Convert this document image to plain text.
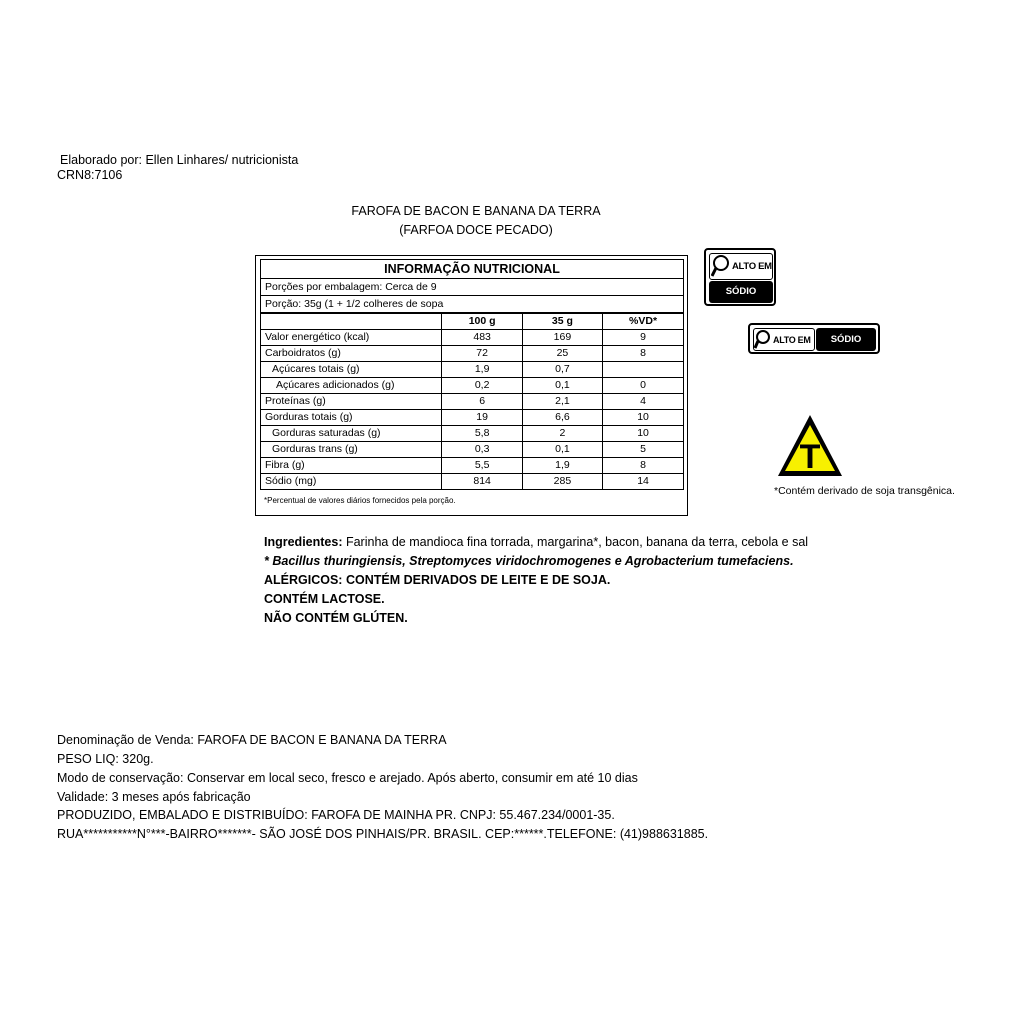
Elaborado por: Ellen Linhares/ nutricionista
CRN8:7106
FAROFA DE BACON E BANANA DA TERRA
(FARFOA DOCE PECADO)
INFORMAÇÃO NUTRICIONAL
Porções por embalagem: Cerca de 9
Porção: 35g (1 + 1/2 colheres de sopa
	100 g	35 g	%VD*
Valor energético (kcal)	483	169	9
Carboidratos (g)	72	25	8
Açúcares totais (g)	1,9	0,7	
Açúcares adicionados (g)	0,2	0,1	0
Proteínas (g)	6	2,1	4
Gorduras totais (g)	19	6,6	10
Gorduras saturadas (g)	5,8	2	10
Gorduras trans (g)	0,3	0,1	5
Fibra (g)	5,5	1,9	8
Sódio (mg)	814	285	14
*Percentual de valores diários fornecidos pela porção.
ALTO EM
SÓDIO
ALTO EM	SÓDIO
T
*Contém derivado de soja transgênica.
Ingredientes: Farinha de mandioca fina torrada, margarina*, bacon, banana da terra, cebola e sal
* Bacillus thuringiensis, Streptomyces viridochromogenes e Agrobacterium tumefaciens.
ALÉRGICOS: CONTÉM DERIVADOS DE LEITE E DE SOJA.
CONTÉM LACTOSE.
NÃO CONTÉM GLÚTEN.
Denominação de Venda: FAROFA DE BACON E BANANA DA TERRA
PESO LIQ: 320g.
Modo de conservação: Conservar em local seco, fresco e arejado. Após aberto, consumir em até 10 dias
Validade: 3 meses após fabricação
PRODUZIDO, EMBALADO E DISTRIBUÍDO: FAROFA DE MAINHA PR. CNPJ: 55.467.234/0001-35.
RUA***********N°***-BAIRRO*******- SÃO JOSÉ DOS PINHAIS/PR. BRASIL. CEP:******.TELEFONE: (41)988631885.
